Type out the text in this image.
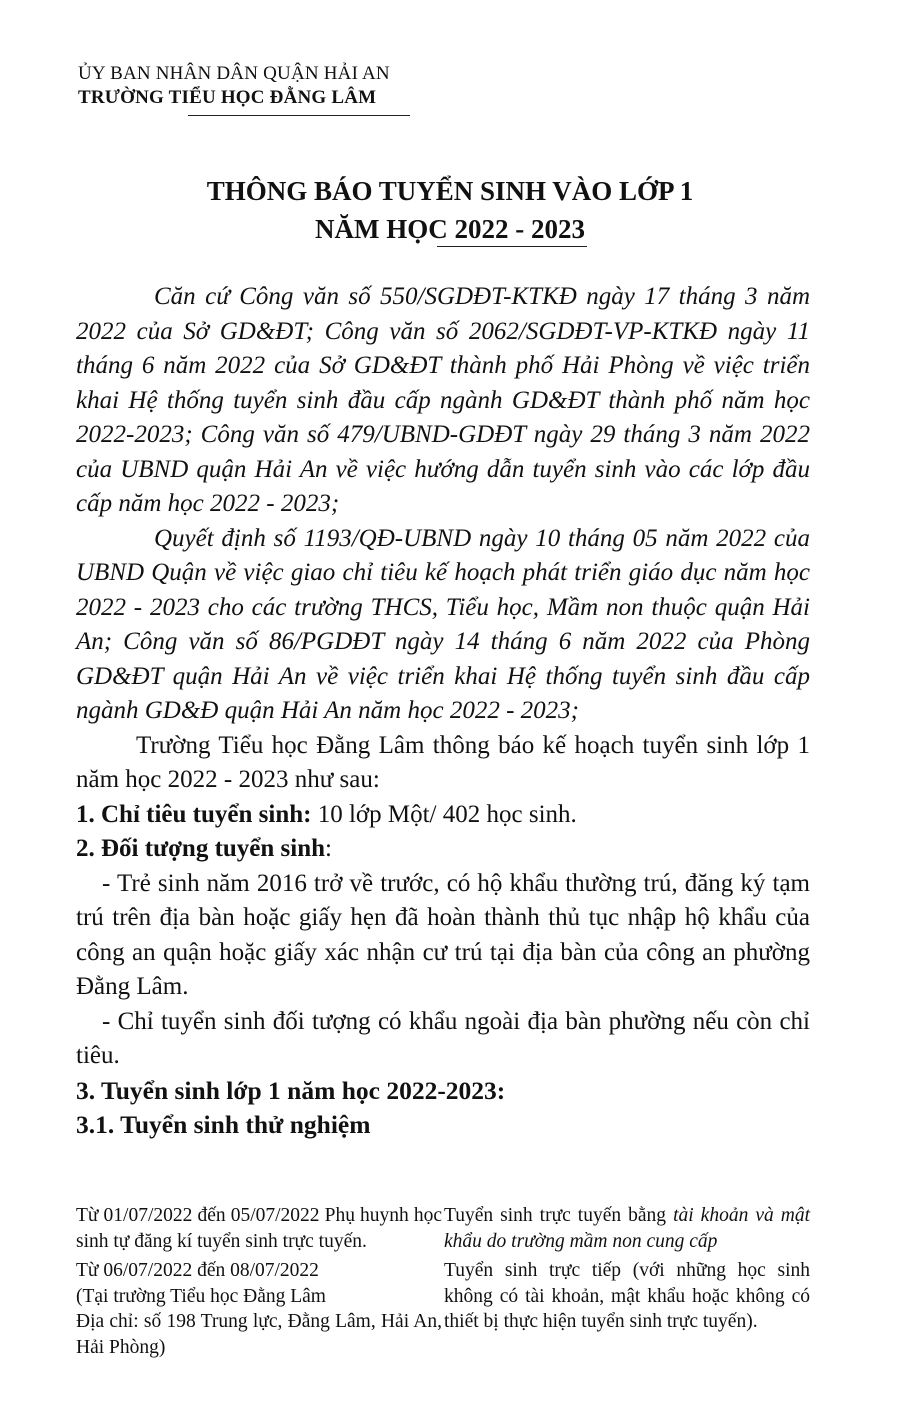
ỦY BAN NHÂN DÂN QUẬN HẢI AN
TRƯỜNG TIỂU HỌC ĐẰNG LÂM
THÔNG BÁO TUYỂN SINH VÀO LỚP 1
NĂM HỌC 2022 - 2023

Căn cứ Công văn số 550/SGDĐT-KTKĐ ngày 17 tháng 3 năm 2022 của Sở GD&ĐT; Công văn số 2062/SGDĐT-VP-KTKĐ ngày 11 tháng 6 năm 2022 của Sở GD&ĐT thành phố Hải Phòng về việc triển khai Hệ thống tuyển sinh đầu cấp ngành GD&ĐT thành phố năm học 2022-2023; Công văn số 479/UBND-GDĐT ngày 29 tháng 3 năm 2022 của UBND quận Hải An về việc hướng dẫn tuyển sinh vào các lớp đầu cấp năm học 2022 - 2023;

Quyết định số 1193/QĐ-UBND ngày 10 tháng 05 năm 2022 của UBND Quận về việc giao chỉ tiêu kế hoạch phát triển giáo dục năm học 2022 - 2023 cho các trường THCS, Tiểu học, Mầm non thuộc quận Hải An; Công văn số 86/PGDĐT ngày 14 tháng 6 năm 2022 của Phòng GD&ĐT quận Hải An về việc triển khai Hệ thống tuyển sinh đầu cấp ngành GD&Đ quận Hải An năm học 2022 - 2023;

Trường Tiểu học Đằng Lâm thông báo kế hoạch tuyển sinh lớp 1 năm học 2022 - 2023 như sau:

1. Chỉ tiêu tuyển sinh: 10 lớp Một/ 402 học sinh.

2. Đối tượng tuyển sinh:

- Trẻ sinh năm 2016 trở về trước, có hộ khẩu thường trú, đăng ký tạm trú trên địa bàn hoặc giấy hẹn đã hoàn thành thủ tục nhập hộ khẩu của công an quận hoặc giấy xác nhận cư trú tại địa bàn của công an phường Đằng Lâm.

- Chỉ tuyển sinh đối tượng có khẩu ngoài địa bàn phường nếu còn chỉ tiêu.

3. Tuyển sinh lớp 1 năm học 2022-2023:

3.1. Tuyển sinh thử nghiệm

Từ 01/07/2022 đến 05/07/2022 Phụ huynh học sinh tự đăng kí tuyển sinh trực tuyến.
Tuyển sinh trực tuyến bằng tài khoản và mật khẩu do trường mầm non cung cấp
Từ 06/07/2022 đến 08/07/2022
(Tại trường Tiểu học Đằng Lâm
Địa chỉ: số 198 Trung lực, Đằng Lâm, Hải An, Hải Phòng)
Tuyển sinh trực tiếp (với những học sinh không có tài khoản, mật khẩu hoặc không có thiết bị thực hiện tuyển sinh trực tuyến).
